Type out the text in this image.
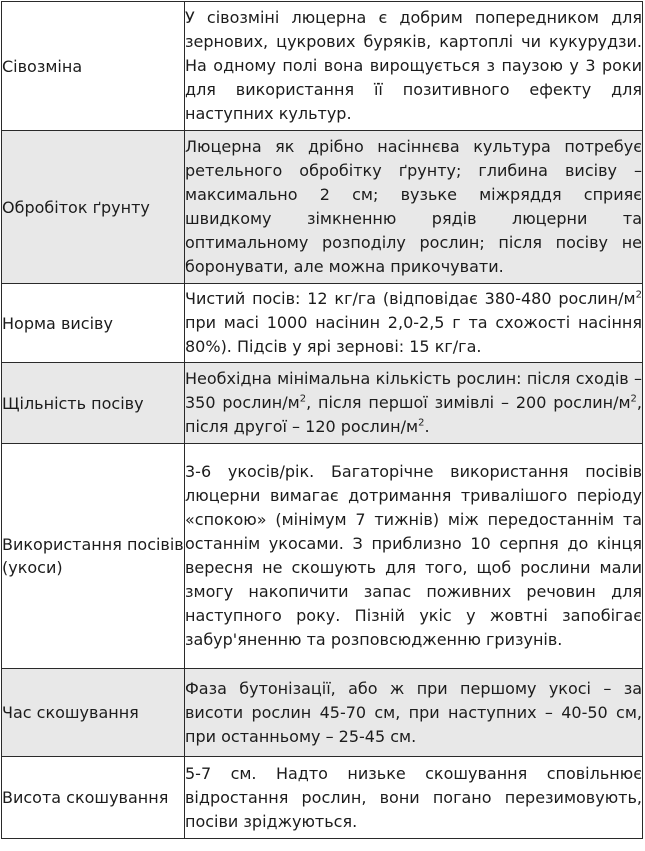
Сівозміна	У сівозміні люцерна є добрим попередником для зернових, цукрових буряків, картоплі чи кукурудзи. На одному полі вона вирощується з паузою у 3 роки для використання її позитивного ефекту для наступних культур.
Обробіток ґрунту	Люцерна як дрібно насіннєва культура потребує ретельного обробітку ґрунту; глибина висіву – максимально 2 см; вузьке міжряддя сприяє швидкому зімкненню рядів люцерни та оптимальному розподілу рослин; після посіву не боронувати, але можна прикочувати.
Норма висіву	Чистий посів: 12 кг/га (відповідає 380-480 рослин/$м^2$ при масі 1000 насінин 2,0-2,5 г та схожості насіння 80%). Підсів у ярі зернові: 15 кг/га.
Щільність посіву	Необхідна мінімальна кількість рослин: після сходів – 350 рослин/$м^2$, після першої зимівлі – 200 рослин/$м^2$, після другої – 120 рослин/$м^2$.
Використання посівів (укоси)	3-6 укосів/рік. Багаторічне використання посівів люцерни вимагає дотримання тривалішого періоду «спокою» (мінімум 7 тижнів) між передостаннім та останнім укосами. З приблизно 10 серпня до кінця вересня не скошують для того, щоб рослини мали змогу накопичити запас поживних речовин для наступного року. Пізній укіс у жовтні запобігає забур'яненню та розповсюдженню гризунів.
Час скошування	Фаза бутонізації, або ж при першому укосі – за висоти рослин 45-70 см, при наступних – 40-50 см, при останньому – 25-45 см.
Висота скошування	5-7 см. Надто низьке скошування сповільнює відростання рослин, вони погано перезимовують, посіви зріджуються.
